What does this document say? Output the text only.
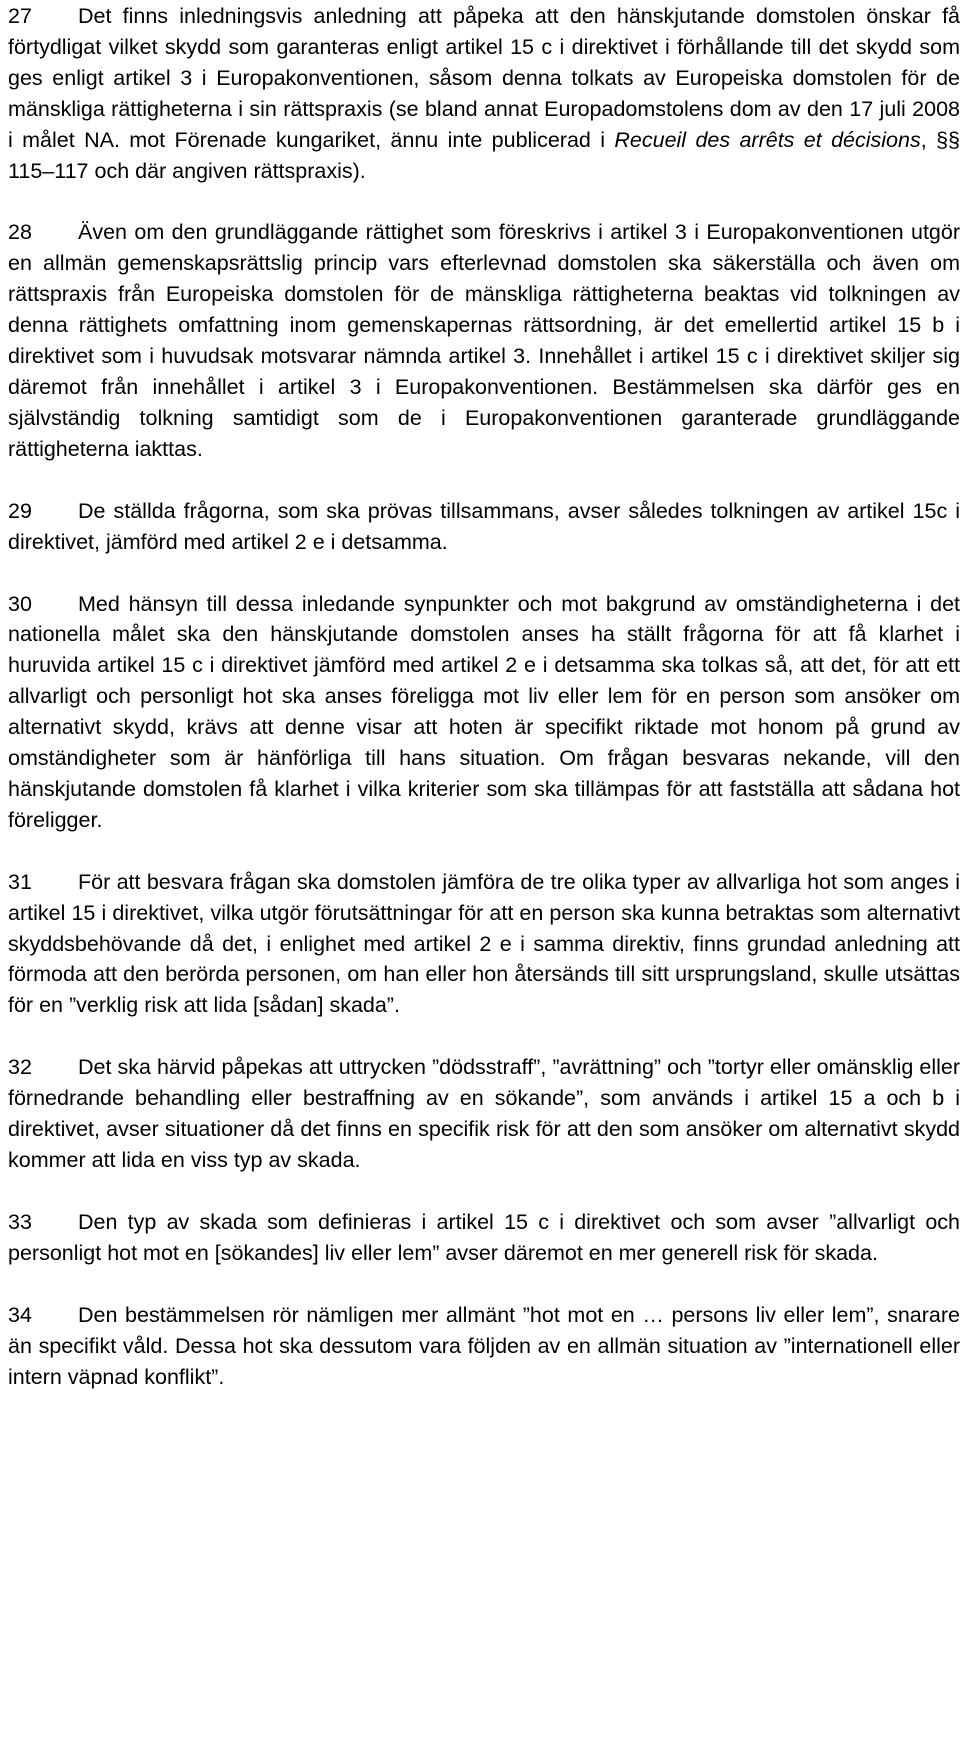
27 Det finns inledningsvis anledning att påpeka att den hänskjutande domstolen önskar få förtydligat vilket skydd som garanteras enligt artikel 15 c i direktivet i förhållande till det skydd som ges enligt artikel 3 i Europakonventionen, såsom denna tolkats av Europeiska domstolen för de mänskliga rättigheterna i sin rättspraxis (se bland annat Europadomstolens dom av den 17 juli 2008 i målet NA. mot Förenade kungariket, ännu inte publicerad i Recueil des arrêts et décisions, §§ 115–117 och där angiven rättspraxis).

28 Även om den grundläggande rättighet som föreskrivs i artikel 3 i Europakonventionen utgör en allmän gemenskapsrättslig princip vars efterlevnad domstolen ska säkerställa och även om rättspraxis från Europeiska domstolen för de mänskliga rättigheterna beaktas vid tolkningen av denna rättighets omfattning inom gemenskapernas rättsordning, är det emellertid artikel 15 b i direktivet som i huvudsak motsvarar nämnda artikel 3. Innehållet i artikel 15 c i direktivet skiljer sig däremot från innehållet i artikel 3 i Europakonventionen. Bestämmelsen ska därför ges en självständig tolkning samtidigt som de i Europakonventionen garanterade grundläggande rättigheterna iakttas.

29 De ställda frågorna, som ska prövas tillsammans, avser således tolkningen av artikel 15c i direktivet, jämförd med artikel 2 e i detsamma.

30 Med hänsyn till dessa inledande synpunkter och mot bakgrund av omständigheterna i det nationella målet ska den hänskjutande domstolen anses ha ställt frågorna för att få klarhet i huruvida artikel 15 c i direktivet jämförd med artikel 2 e i detsamma ska tolkas så, att det, för att ett allvarligt och personligt hot ska anses föreligga mot liv eller lem för en person som ansöker om alternativt skydd, krävs att denne visar att hoten är specifikt riktade mot honom på grund av omständigheter som är hänförliga till hans situation. Om frågan besvaras nekande, vill den hänskjutande domstolen få klarhet i vilka kriterier som ska tillämpas för att fastställa att sådana hot föreligger.

31 För att besvara frågan ska domstolen jämföra de tre olika typer av allvarliga hot som anges i artikel 15 i direktivet, vilka utgör förutsättningar för att en person ska kunna betraktas som alternativt skyddsbehövande då det, i enlighet med artikel 2 e i samma direktiv, finns grundad anledning att förmoda att den berörda personen, om han eller hon återsänds till sitt ursprungsland, skulle utsättas för en ”verklig risk att lida [sådan] skada”.

32 Det ska härvid påpekas att uttrycken ”dödsstraff”, ”avrättning” och ”tortyr eller omänsklig eller förnedrande behandling eller bestraffning av en sökande”, som används i artikel 15 a och b i direktivet, avser situationer då det finns en specifik risk för att den som ansöker om alternativt skydd kommer att lida en viss typ av skada.

33 Den typ av skada som definieras i artikel 15 c i direktivet och som avser ”allvarligt och personligt hot mot en [sökandes] liv eller lem” avser däremot en mer generell risk för skada.

34 Den bestämmelsen rör nämligen mer allmänt ”hot mot en … persons liv eller lem”, snarare än specifikt våld. Dessa hot ska dessutom vara följden av en allmän situation av ”internationell eller intern väpnad konflikt”.
